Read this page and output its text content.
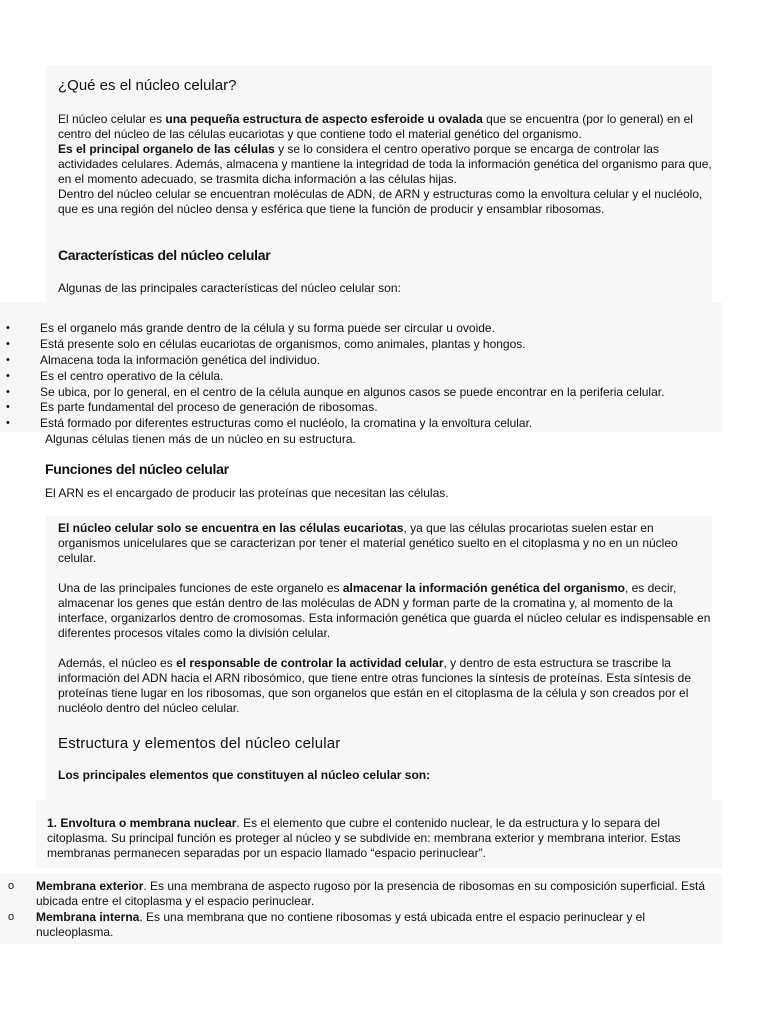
¿Qué es el núcleo celular?

El núcleo celular es una pequeña estructura de aspecto esferoide u ovalada que se encuentra (por lo general) en el centro del núcleo de las células eucariotas y que contiene todo el material genético del organismo.

Es el principal organelo de las células y se lo considera el centro operativo porque se encarga de controlar las actividades celulares. Además, almacena y mantiene la integridad de toda la información genética del organismo para que, en el momento adecuado, se trasmita dicha información a las células hijas.

Dentro del núcleo celular se encuentran moléculas de ADN, de ARN y estructuras como la envoltura celular y el nucléolo, que es una región del núcleo densa y esférica que tiene la función de producir y ensamblar ribosomas.

Características del núcleo celular

Algunas de las principales características del núcleo celular son:

• Es el organelo más grande dentro de la célula y su forma puede ser circular u ovoide.
• Está presente solo en células eucariotas de organismos, como animales, plantas y hongos.
• Almacena toda la información genética del individuo.
• Es el centro operativo de la célula.
• Se ubica, por lo general, en el centro de la célula aunque en algunos casos se puede encontrar en la periferia celular.
• Es parte fundamental del proceso de generación de ribosomas.
• Está formado por diferentes estructuras como el nucléolo, la cromatina y la envoltura celular.

Algunas células tienen más de un núcleo en su estructura.

Funciones del núcleo celular

El ARN es el encargado de producir las proteínas que necesitan las células.

El núcleo celular solo se encuentra en las células eucariotas, ya que las células procariotas suelen estar en organismos unicelulares que se caracterizan por tener el material genético suelto en el citoplasma y no en un núcleo celular.

Una de las principales funciones de este organelo es almacenar la información genética del organismo, es decir, almacenar los genes que están dentro de las moléculas de ADN y forman parte de la cromatina y, al momento de la interface, organizarlos dentro de cromosomas. Esta información genética que guarda el núcleo celular es indispensable en diferentes procesos vitales como la división celular.

Además, el núcleo es el responsable de controlar la actividad celular, y dentro de esta estructura se trascribe la información del ADN hacia el ARN ribosómico, que tiene entre otras funciones la síntesis de proteínas. Esta síntesis de proteínas tiene lugar en los ribosomas, que son organelos que están en el citoplasma de la célula y son creados por el nucléolo dentro del núcleo celular.

Estructura y elementos del núcleo celular

Los principales elementos que constituyen al núcleo celular son:

1. Envoltura o membrana nuclear. Es el elemento que cubre el contenido nuclear, le da estructura y lo separa del citoplasma. Su principal función es proteger al núcleo y se subdivide en: membrana exterior y membrana interior. Estas membranas permanecen separadas por un espacio llamado “espacio perinuclear”.

o Membrana exterior. Es una membrana de aspecto rugoso por la presencia de ribosomas en su composición superficial. Está ubicada entre el citoplasma y el espacio perinuclear.
o Membrana interna. Es una membrana que no contiene ribosomas y está ubicada entre el espacio perinuclear y el nucleoplasma.
